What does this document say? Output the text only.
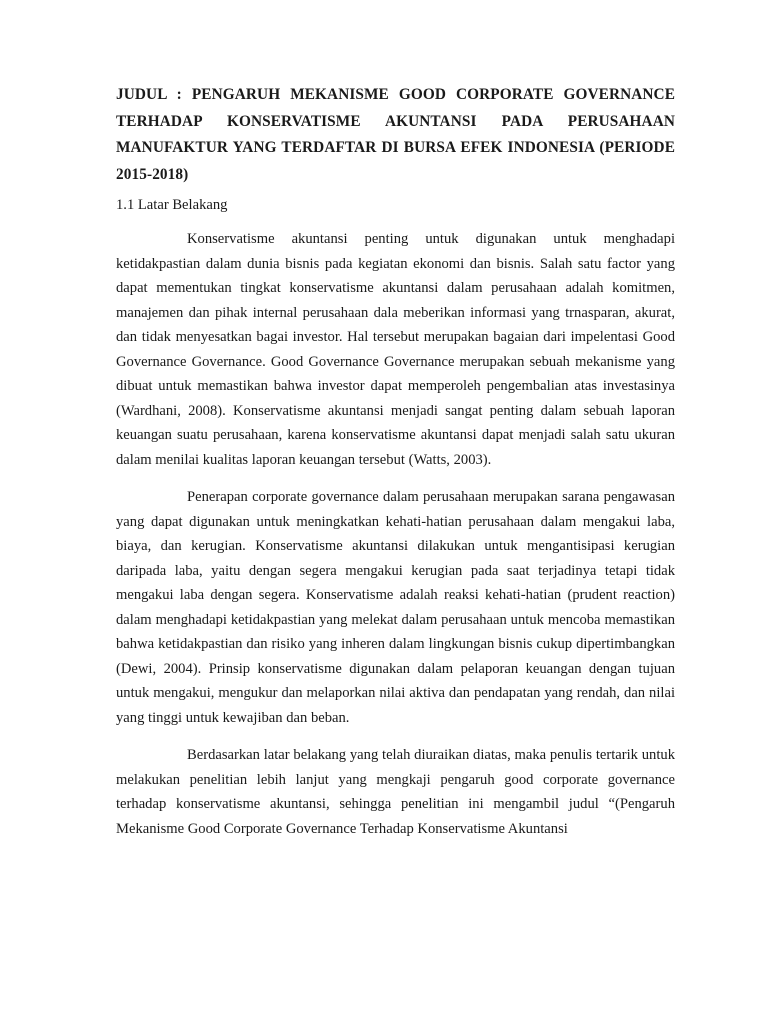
JUDUL : PENGARUH MEKANISME GOOD CORPORATE GOVERNANCE TERHADAP KONSERVATISME AKUNTANSI PADA PERUSAHAAN MANUFAKTUR YANG TERDAFTAR DI BURSA EFEK INDONESIA (PERIODE 2015-2018)
1.1 Latar Belakang

Konservatisme akuntansi penting untuk digunakan untuk menghadapi ketidakpastian dalam dunia bisnis pada kegiatan ekonomi dan bisnis. Salah satu factor yang dapat mementukan tingkat konservatisme akuntansi dalam perusahaan adalah komitmen, manajemen dan pihak internal perusahaan dala meberikan informasi yang trnasparan, akurat, dan tidak menyesatkan bagai investor. Hal tersebut merupakan bagaian dari impelentasi Good Governance Governance. Good Governance Governance merupakan sebuah mekanisme yang dibuat untuk memastikan bahwa investor dapat memperoleh pengembalian atas investasinya (Wardhani, 2008). Konservatisme akuntansi menjadi sangat penting dalam sebuah laporan keuangan suatu perusahaan, karena konservatisme akuntansi dapat menjadi salah satu ukuran dalam menilai kualitas laporan keuangan tersebut (Watts, 2003).

Penerapan corporate governance dalam perusahaan merupakan sarana pengawasan yang dapat digunakan untuk meningkatkan kehati-hatian perusahaan dalam mengakui laba, biaya, dan kerugian. Konservatisme akuntansi dilakukan untuk mengantisipasi kerugian daripada laba, yaitu dengan segera mengakui kerugian pada saat terjadinya tetapi tidak mengakui laba dengan segera. Konservatisme adalah reaksi kehati-hatian (prudent reaction) dalam menghadapi ketidakpastian yang melekat dalam perusahaan untuk mencoba memastikan bahwa ketidakpastian dan risiko yang inheren dalam lingkungan bisnis cukup dipertimbangkan (Dewi, 2004). Prinsip konservatisme digunakan dalam pelaporan keuangan dengan tujuan untuk mengakui, mengukur dan melaporkan nilai aktiva dan pendapatan yang rendah, dan nilai yang tinggi untuk kewajiban dan beban.

Berdasarkan latar belakang yang telah diuraikan diatas, maka penulis tertarik untuk melakukan penelitian lebih lanjut yang mengkaji pengaruh good corporate governance terhadap konservatisme akuntansi, sehingga penelitian ini mengambil judul “(Pengaruh Mekanisme Good Corporate Governance Terhadap Konservatisme Akuntansi
